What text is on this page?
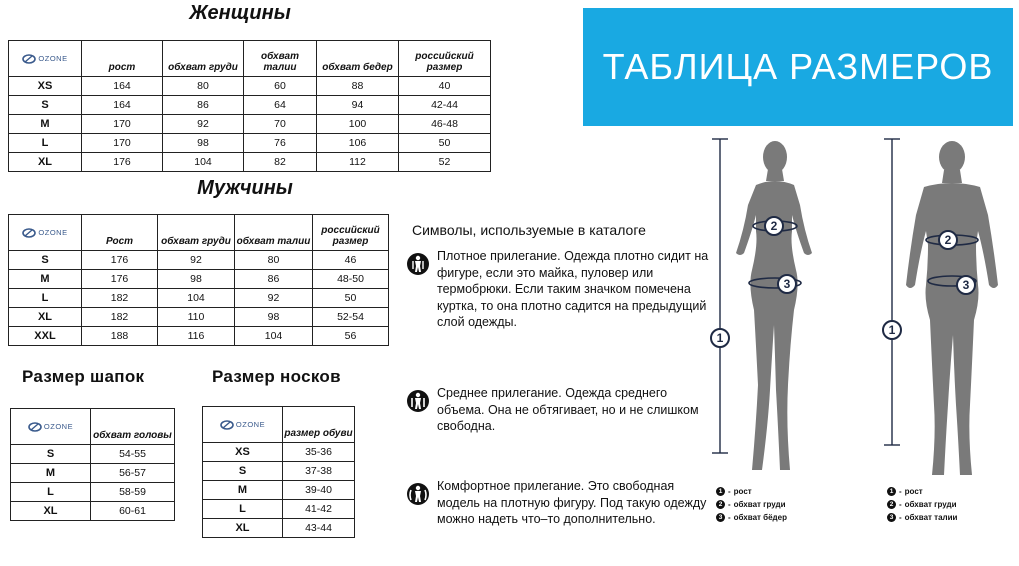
Женщины
OZONE	рост	обхват груди	обхват талии	обхват бедер	российский размер
XS	164	80	60	88	40
S	164	86	64	94	42-44
M	170	92	70	100	46-48
L	170	98	76	106	50
XL	176	104	82	112	52
Мужчины
OZONE	Рост	обхват груди	обхват талии	российский размер
S	176	92	80	46
M	176	98	86	48-50
L	182	104	92	50
XL	182	110	98	52-54
XXL	188	116	104	56
Размер шапок
OZONE	обхват головы
S	54-55
M	56-57
L	58-59
XL	60-61
Размер носков
OZONE	размер обуви
XS	35-36
S	37-38
M	39-40
L	41-42
XL	43-44
ТАБЛИЦА РАЗМЕРОВ
Символы, используемые в каталоге
Плотное прилегание. Одежда плотно сидит на фигуре, если это майка, пуловер или термобрюки. Если таким значком помечена куртка, то она плотно садится на предыдущий слой одежды.
Среднее прилегание. Одежда среднего объема. Она не обтягивает, но и не слишком свободна.
Комфортное прилегание. Это свободная модель на плотную фигуру. Под такую одежду можно надеть что–то дополнительно.
1
2
3
1 - рост
2 - обхват груди
3 - обхват бёдер
1
2
3
1 - рост
2 - обхват груди
3 - обхват талии
